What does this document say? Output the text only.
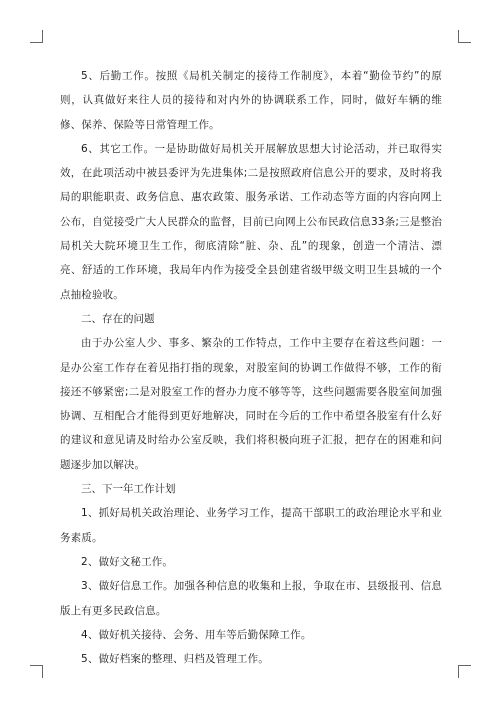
5、后勤工作。按照《局机关制定的接待工作制度》，本着“勤俭节约”的原则，认真做好来往人员的接待和对内外的协调联系工作，同时，做好车辆的维修、保养、保险等日常管理工作。

6、其它工作。一是协助做好局机关开展解放思想大讨论活动，并已取得实效，在此项活动中被县委评为先进集体;二是按照政府信息公开的要求，及时将我局的职能职责、政务信息、惠农政策、服务承诺、工作动态等方面的内容向网上公布，自觉接受广大人民群众的监督，目前已向网上公布民政信息33条;三是整治局机关大院环境卫生工作，彻底清除“脏、杂、乱”的现象，创造一个清洁、漂亮、舒适的工作环境，我局年内作为接受全县创建省级甲级文明卫生县城的一个点抽检验收。

二、存在的问题

由于办公室人少、事多、繁杂的工作特点，工作中主要存在着这些问题：一是办公室工作存在着见指打指的现象，对股室间的协调工作做得不够，工作的衔接还不够紧密;二是对股室工作的督办力度不够等等，这些问题需要各股室间加强协调、互相配合才能得到更好地解决，同时在今后的工作中希望各股室有什么好的建议和意见请及时给办公室反映，我们将积极向班子汇报，把存在的困难和问题逐步加以解决。

三、下一年工作计划

1、抓好局机关政治理论、业务学习工作，提高干部职工的政治理论水平和业务素质。

2、做好文秘工作。

3、做好信息工作。加强各种信息的收集和上报，争取在市、县级报刊、信息版上有更多民政信息。

4、做好机关接待、会务、用车等后勤保障工作。

5、做好档案的整理、归档及管理工作。
